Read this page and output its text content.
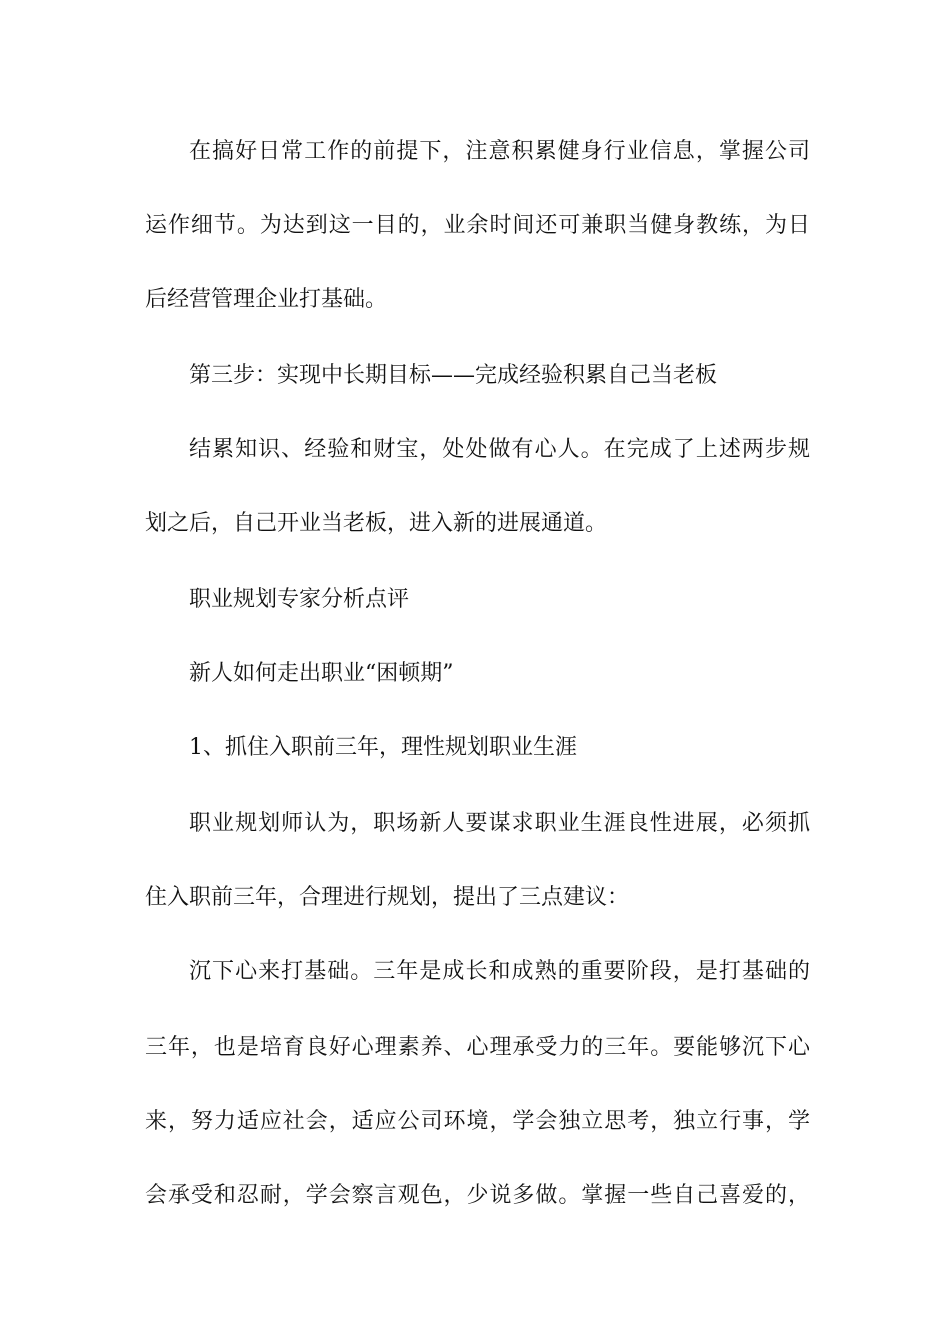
在搞好日常工作的前提下，注意积累健身行业信息，掌握公司
运作细节。为达到这一目的，业余时间还可兼职当健身教练，为日
后经营管理企业打基础。
第三步：实现中长期目标——完成经验积累自己当老板
结累知识、经验和财宝，处处做有心人。在完成了上述两步规
划之后，自己开业当老板，进入新的进展通道。
职业规划专家分析点评
新人如何走出职业“困顿期”
1、抓住入职前三年，理性规划职业生涯
职业规划师认为，职场新人要谋求职业生涯良性进展，必须抓
住入职前三年，合理进行规划，提出了三点建议：
沉下心来打基础。三年是成长和成熟的重要阶段，是打基础的
三年，也是培育良好心理素养、心理承受力的三年。要能够沉下心
来，努力适应社会，适应公司环境，学会独立思考，独立行事，学
会承受和忍耐，学会察言观色，少说多做。掌握一些自己喜爱的，
